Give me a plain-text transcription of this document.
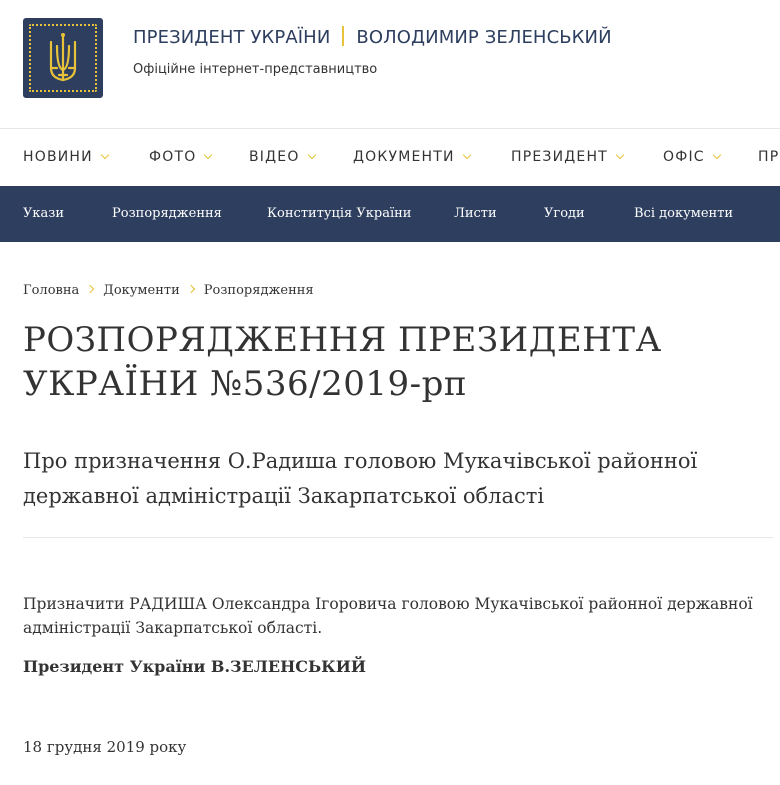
ПРЕЗИДЕНТ УКРАЇНИ ВОЛОДИМИР ЗЕЛЕНСЬКИЙ
Офіційне інтернет-представництво
НОВИНИ	ФОТО	ВІДЕО	ДОКУМЕНТИ	ПРЕЗИДЕНТ	ОФІС	ПР
Укази	Розпорядження	Конституція України	Листи	Угоди	Всі документи
Головна Документи Розпорядження
РОЗПОРЯДЖЕННЯ ПРЕЗИДЕНТА УКРАЇНИ №536/2019-рп
Про призначення О.Радиша головою Мукачівської районної державної адміністрації Закарпатської області
Призначити РАДИША Олександра Ігоровича головою Мукачівської районної державної адміністрації Закарпатської області.
Президент України В.ЗЕЛЕНСЬКИЙ
18 грудня 2019 року
